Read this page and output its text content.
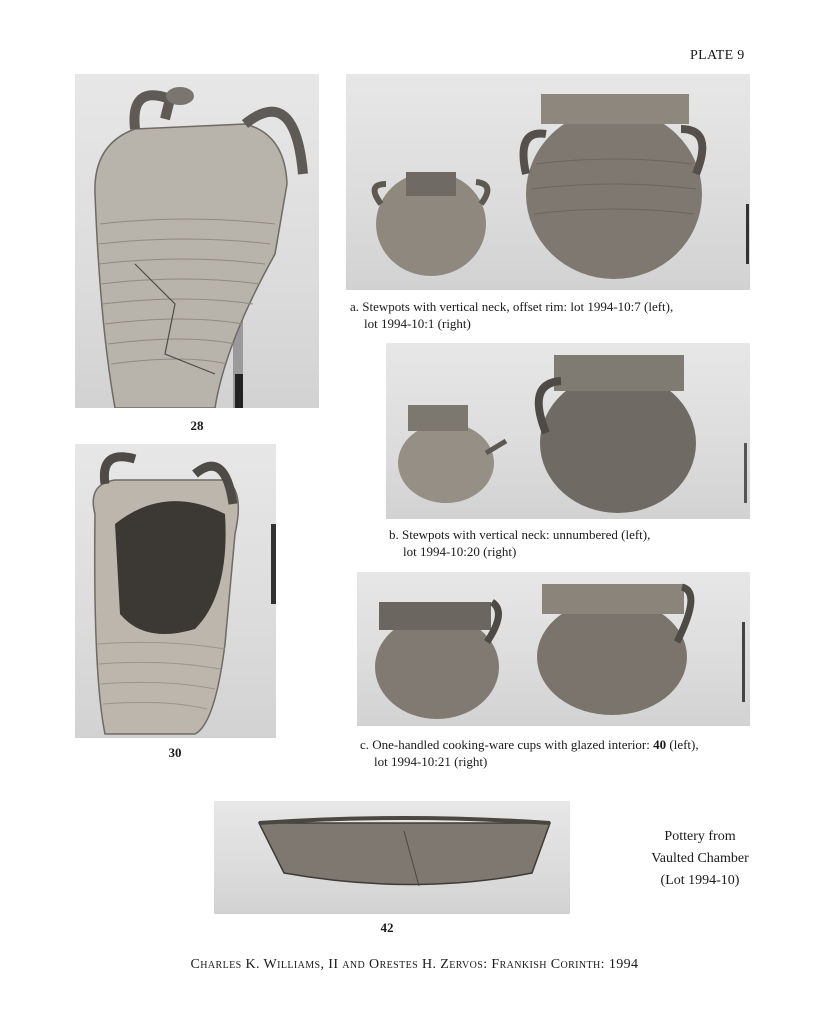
PLATE 9
28
30
a. Stewpots with vertical neck, offset rim: lot 1994-10:7 (left),
lot 1994-10:1 (right)
b. Stewpots with vertical neck: unnumbered (left),
lot 1994-10:20 (right)
c. One-handled cooking-ware cups with glazed interior: 40 (left),
lot 1994-10:21 (right)
42
Pottery from
Vaulted Chamber
(Lot 1994-10)
Charles K. Williams, II and Orestes H. Zervos: Frankish Corinth: 1994
